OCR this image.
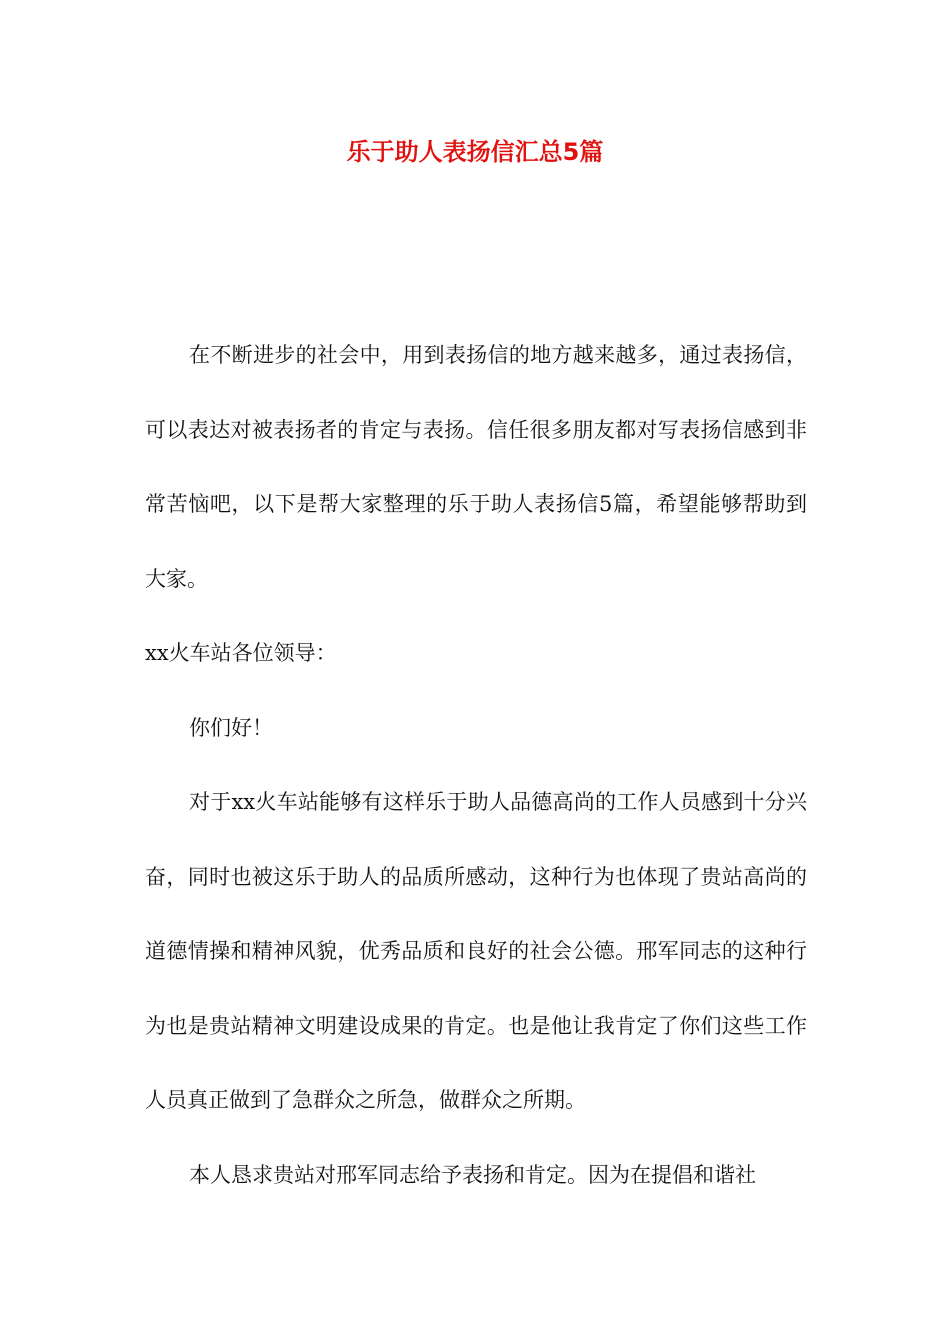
乐于助人表扬信汇总5篇

在不断进步的社会中，用到表扬信的地方越来越多，通过表扬信，可以表达对被表扬者的肯定与表扬。信任很多朋友都对写表扬信感到非常苦恼吧，以下是帮大家整理的乐于助人表扬信5篇，希望能够帮助到大家。

xx火车站各位领导：

你们好！

对于xx火车站能够有这样乐于助人品德高尚的工作人员感到十分兴奋，同时也被这乐于助人的品质所感动，这种行为也体现了贵站高尚的道德情操和精神风貌，优秀品质和良好的社会公德。邢军同志的这种行为也是贵站精神文明建设成果的肯定。也是他让我肯定了你们这些工作人员真正做到了急群众之所急，做群众之所期。

本人恳求贵站对邢军同志给予表扬和肯定。因为在提倡和谐社
